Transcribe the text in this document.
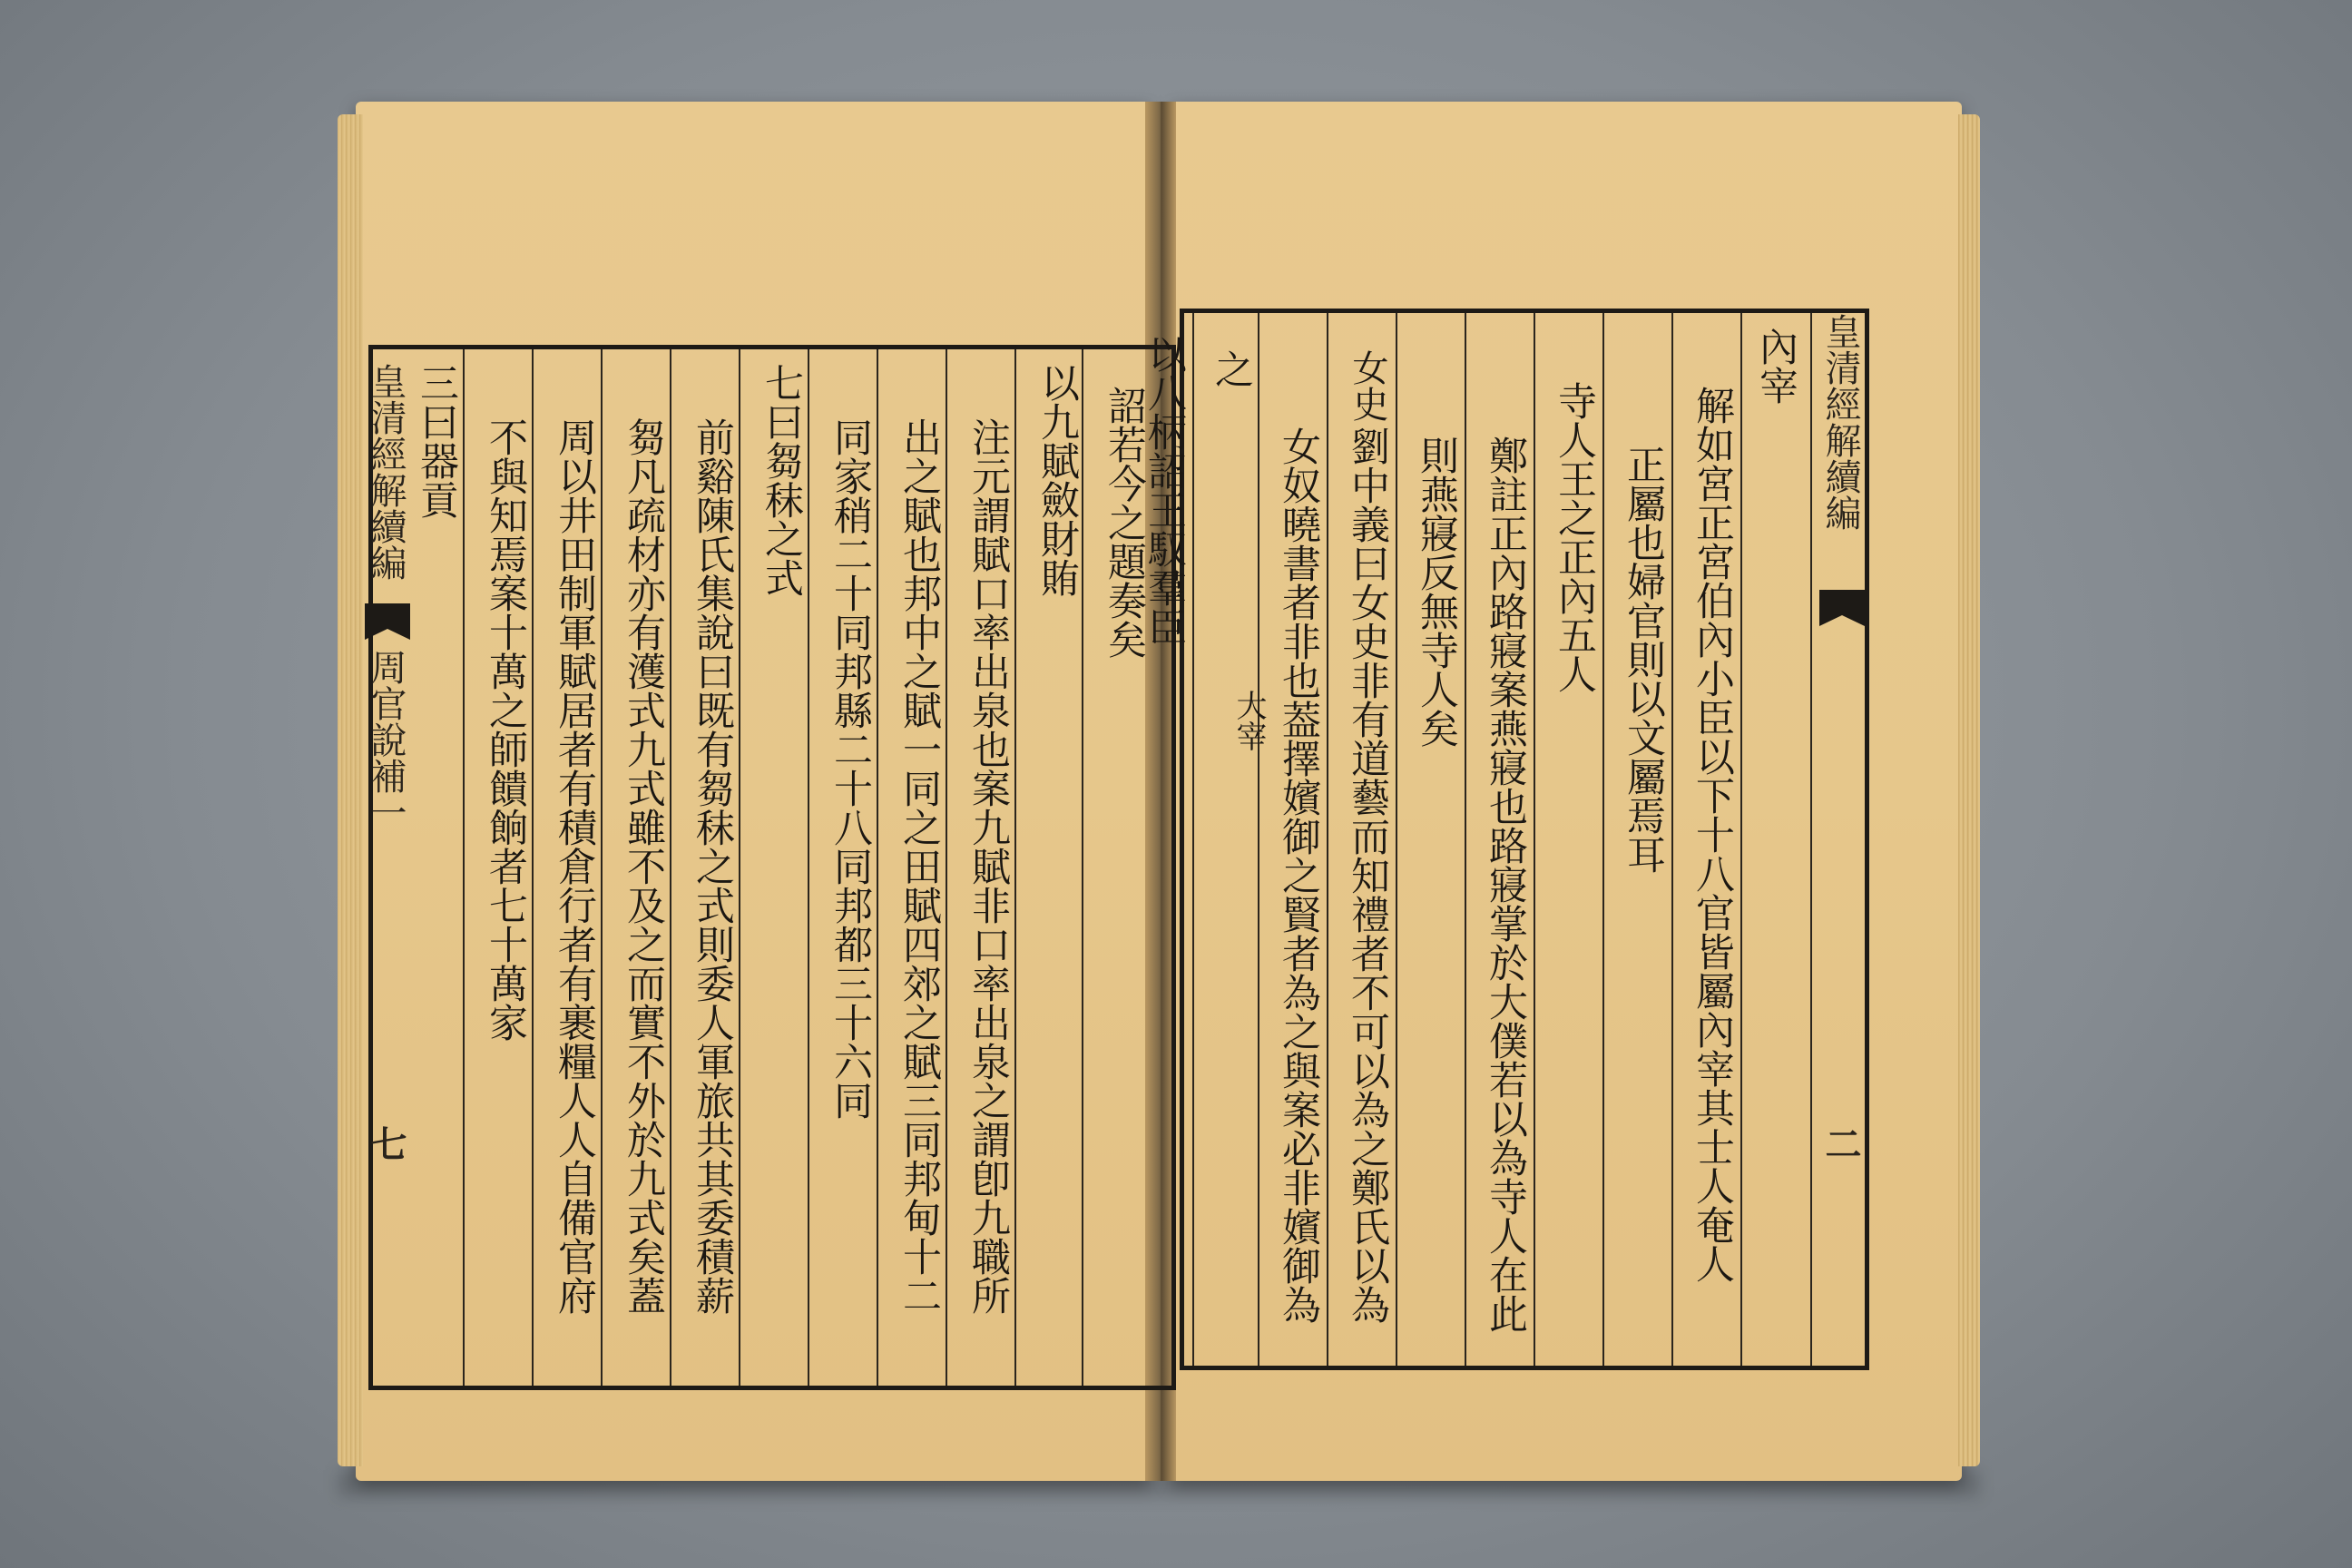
詔若今之題奏矣
以九賦斂財賄
注元謂賦口率出泉也案九賦非口率出泉之謂卽九職所
出之賦也邦中之賦一同之田賦四郊之賦三同邦甸十二
同家稍二十同邦縣二十八同邦都三十六同
七曰芻秣之式
前谿陳氏集說曰既有芻秣之式則委人軍旅共其委積薪
芻凡疏材亦有濩式九式雖不及之而實不外於九式矣蓋
周以井田制軍賦居者有積倉行者有裹糧人人自備官府
不與知焉案十萬之師饋餉者七十萬家
三曰器貢
皇清經解續編
周官說補一
七
皇清經解續編
二
內宰
解如宮正宮伯內小臣以下十八官皆屬內宰其士人奄人
正屬也婦官則以文屬焉耳
寺人王之正內五人
鄭註正內路寢案燕寢也路寢掌於大僕若以為寺人在此
則燕寢反無寺人矣
女史
劉中義曰女史非有道藝而知禮者不可以為之鄭氏以為
女奴曉書者非也葢擇嬪御之賢者為之與案必非嬪御為
之
以八柄詔王馭羣臣
大宰
